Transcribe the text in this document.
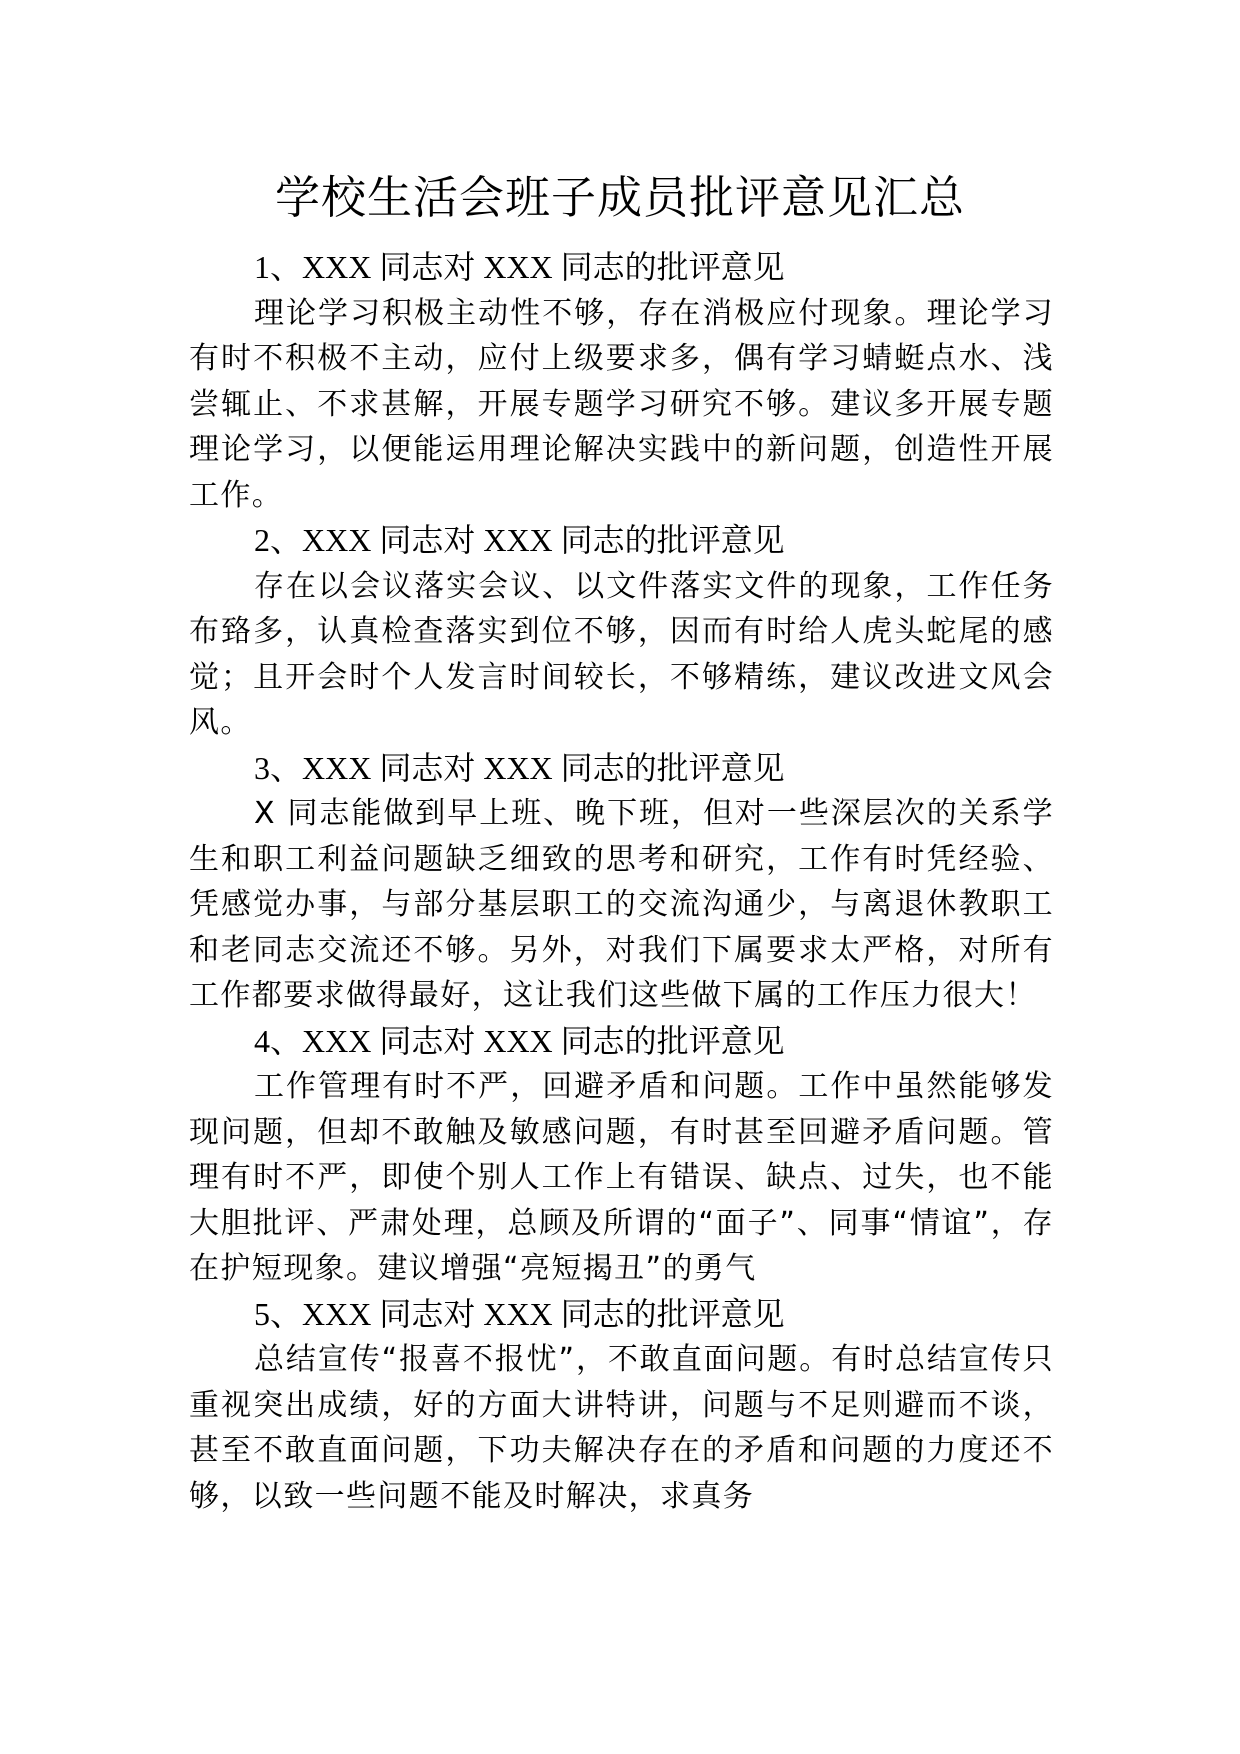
学校生活会班子成员批评意见汇总

1、XXX 同志对 XXX 同志的批评意见

理论学习积极主动性不够，存在消极应付现象。理论学习有时不积极不主动，应付上级要求多，偶有学习蜻蜓点水、浅尝辄止、不求甚解，开展专题学习研究不够。建议多开展专题理论学习，以便能运用理论解决实践中的新问题，创造性开展工作。

2、XXX 同志对 XXX 同志的批评意见

存在以会议落实会议、以文件落实文件的现象，工作任务布臵多，认真检查落实到位不够，因而有时给人虎头蛇尾的感觉；且开会时个人发言时间较长，不够精练，建议改进文风会风。

3、XXX 同志对 XXX 同志的批评意见

X 同志能做到早上班、晚下班，但对一些深层次的关系学生和职工利益问题缺乏细致的思考和研究，工作有时凭经验、凭感觉办事，与部分基层职工的交流沟通少，与离退休教职工和老同志交流还不够。另外，对我们下属要求太严格，对所有工作都要求做得最好，这让我们这些做下属的工作压力很大！

4、XXX 同志对 XXX 同志的批评意见

工作管理有时不严，回避矛盾和问题。工作中虽然能够发现问题，但却不敢触及敏感问题，有时甚至回避矛盾问题。管理有时不严，即使个别人工作上有错误、缺点、过失，也不能大胆批评、严肃处理，总顾及所谓的“面子”、同事“情谊”，存在护短现象。建议增强“亮短揭丑”的勇气

5、XXX 同志对 XXX 同志的批评意见

总结宣传“报喜不报忧”，不敢直面问题。有时总结宣传只重视突出成绩，好的方面大讲特讲，问题与不足则避而不谈，甚至不敢直面问题，下功夫解决存在的矛盾和问题的力度还不够，以致一些问题不能及时解决，求真务
